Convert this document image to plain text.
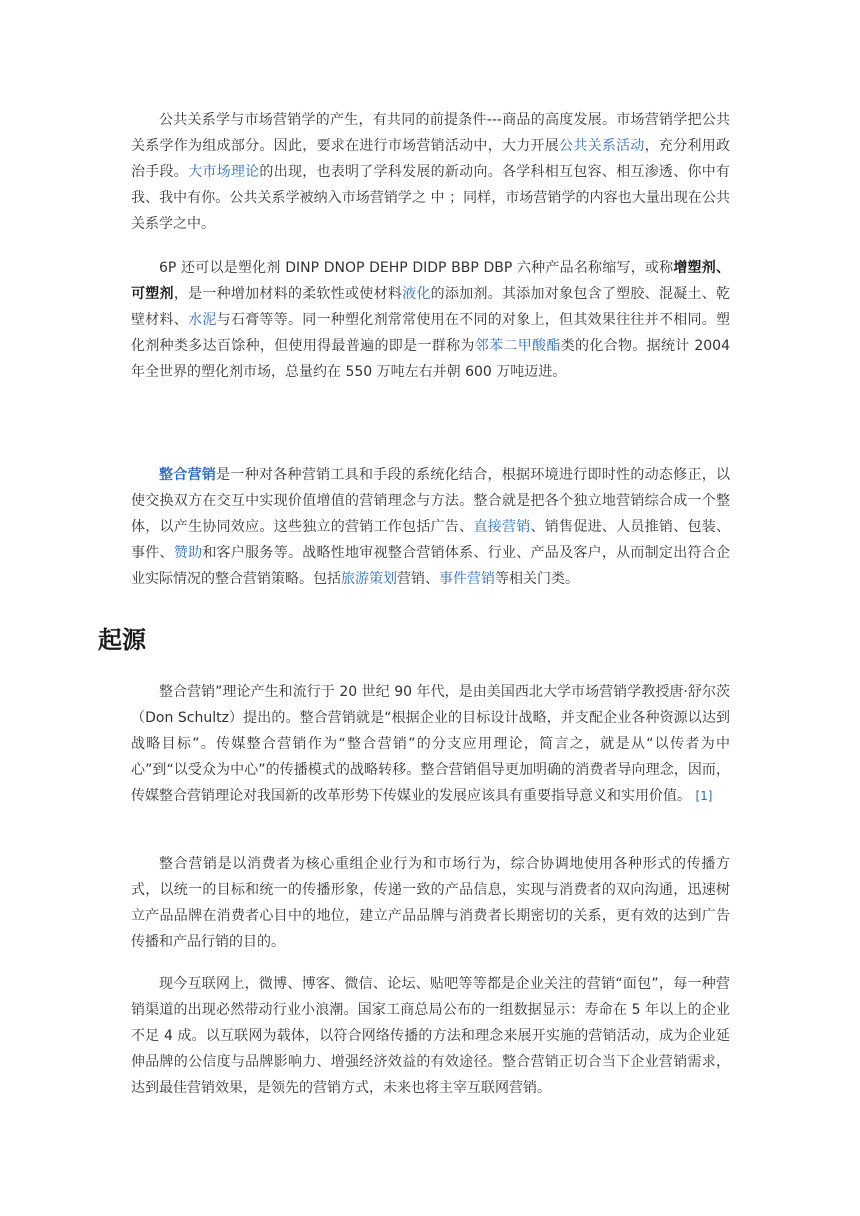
公共关系学与市场营销学的产生，有共同的前提条件---商品的高度发展。市场营销学把公共关系学作为组成部分。因此，要求在进行市场营销活动中，大力开展公共关系活动，充分利用政治手段。大市场理论的出现，也表明了学科发展的新动向。各学科相互包容、相互渗透、你中有我、我中有你。公共关系学被纳入市场营销学之 中 ；同样，市场营销学的内容也大量出现在公共关系学之中。

6P 还可以是塑化剂 DINP DNOP DEHP DIDP BBP DBP 六种产品名称缩写，或称增塑剂、可塑剂，是一种增加材料的柔软性或使材料液化的添加剂。其添加对象包含了塑胶、混凝土、乾壁材料、水泥与石膏等等。同一种塑化剂常常使用在不同的对象上，但其效果往往并不相同。塑化剂种类多达百馀种，但使用得最普遍的即是一群称为邻苯二甲酸酯类的化合物。据统计 2004 年全世界的塑化剂市场，总量约在 550 万吨左右并朝 600 万吨迈进。

整合营销是一种对各种营销工具和手段的系统化结合，根据环境进行即时性的动态修正，以使交换双方在交互中实现价值增值的营销理念与方法。整合就是把各个独立地营销综合成一个整体，以产生协同效应。这些独立的营销工作包括广告、直接营销、销售促进、人员推销、包装、事件、赞助和客户服务等。战略性地审视整合营销体系、行业、产品及客户，从而制定出符合企业实际情况的整合营销策略。包括旅游策划营销、事件营销等相关门类。

起源

整合营销”理论产生和流行于 20 世纪 90 年代，是由美国西北大学市场营销学教授唐·舒尔茨（Don Schultz）提出的。整合营销就是“根据企业的目标设计战略，并支配企业各种资源以达到战略目标”。传媒整合营销作为“整合营销”的分支应用理论，简言之，就是从“以传者为中心”到“以受众为中心”的传播模式的战略转移。整合营销倡导更加明确的消费者导向理念，因而，传媒整合营销理论对我国新的改革形势下传媒业的发展应该具有重要指导意义和实用价值。 [1]

整合营销是以消费者为核心重组企业行为和市场行为，综合协调地使用各种形式的传播方式，以统一的目标和统一的传播形象，传递一致的产品信息，实现与消费者的双向沟通，迅速树立产品品牌在消费者心目中的地位，建立产品品牌与消费者长期密切的关系，更有效的达到广告传播和产品行销的目的。

现今互联网上，微博、博客、微信、论坛、贴吧等等都是企业关注的营销“面包”，每一种营销渠道的出现必然带动行业小浪潮。国家工商总局公布的一组数据显示：寿命在 5 年以上的企业不足 4 成。以互联网为载体，以符合网络传播的方法和理念来展开实施的营销活动，成为企业延伸品牌的公信度与品牌影响力、增强经济效益的有效途径。整合营销正切合当下企业营销需求，达到最佳营销效果，是领先的营销方式，未来也将主宰互联网营销。
